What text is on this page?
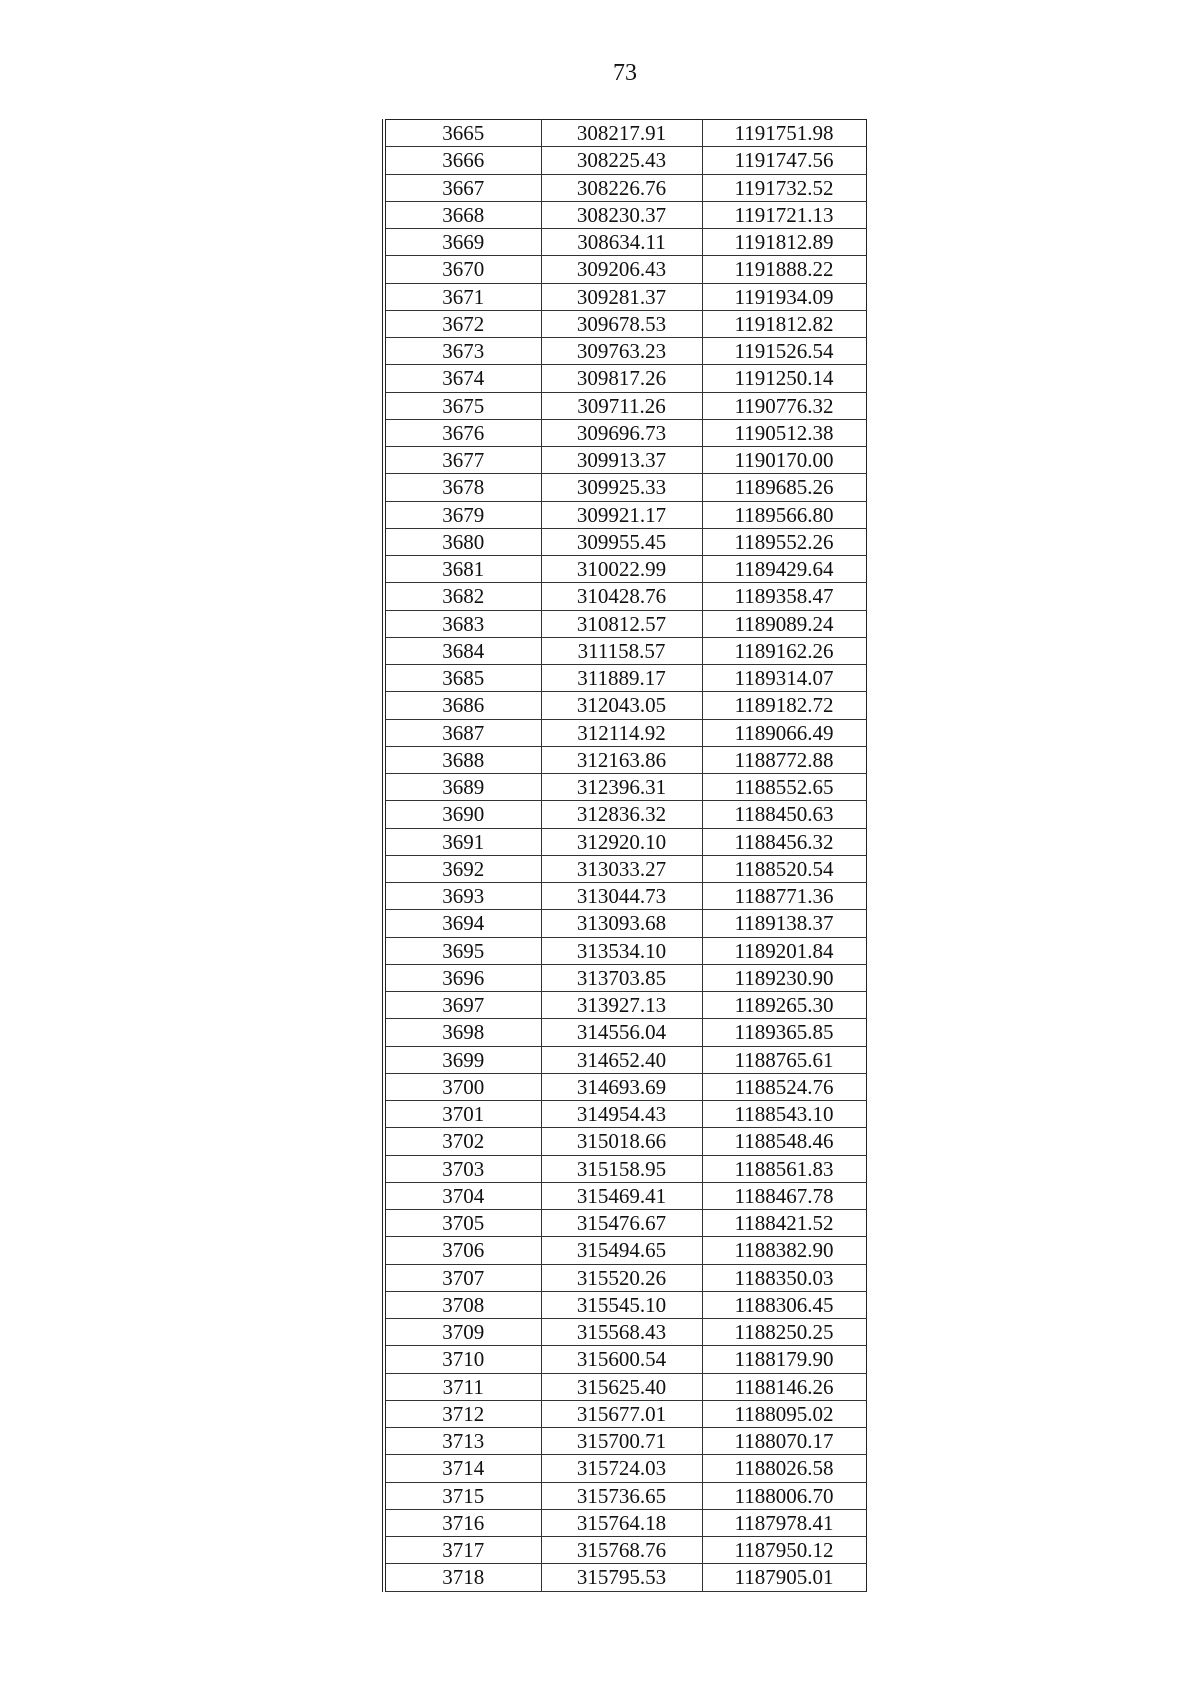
73
3665	308217.91	1191751.98
3666	308225.43	1191747.56
3667	308226.76	1191732.52
3668	308230.37	1191721.13
3669	308634.11	1191812.89
3670	309206.43	1191888.22
3671	309281.37	1191934.09
3672	309678.53	1191812.82
3673	309763.23	1191526.54
3674	309817.26	1191250.14
3675	309711.26	1190776.32
3676	309696.73	1190512.38
3677	309913.37	1190170.00
3678	309925.33	1189685.26
3679	309921.17	1189566.80
3680	309955.45	1189552.26
3681	310022.99	1189429.64
3682	310428.76	1189358.47
3683	310812.57	1189089.24
3684	311158.57	1189162.26
3685	311889.17	1189314.07
3686	312043.05	1189182.72
3687	312114.92	1189066.49
3688	312163.86	1188772.88
3689	312396.31	1188552.65
3690	312836.32	1188450.63
3691	312920.10	1188456.32
3692	313033.27	1188520.54
3693	313044.73	1188771.36
3694	313093.68	1189138.37
3695	313534.10	1189201.84
3696	313703.85	1189230.90
3697	313927.13	1189265.30
3698	314556.04	1189365.85
3699	314652.40	1188765.61
3700	314693.69	1188524.76
3701	314954.43	1188543.10
3702	315018.66	1188548.46
3703	315158.95	1188561.83
3704	315469.41	1188467.78
3705	315476.67	1188421.52
3706	315494.65	1188382.90
3707	315520.26	1188350.03
3708	315545.10	1188306.45
3709	315568.43	1188250.25
3710	315600.54	1188179.90
3711	315625.40	1188146.26
3712	315677.01	1188095.02
3713	315700.71	1188070.17
3714	315724.03	1188026.58
3715	315736.65	1188006.70
3716	315764.18	1187978.41
3717	315768.76	1187950.12
3718	315795.53	1187905.01
